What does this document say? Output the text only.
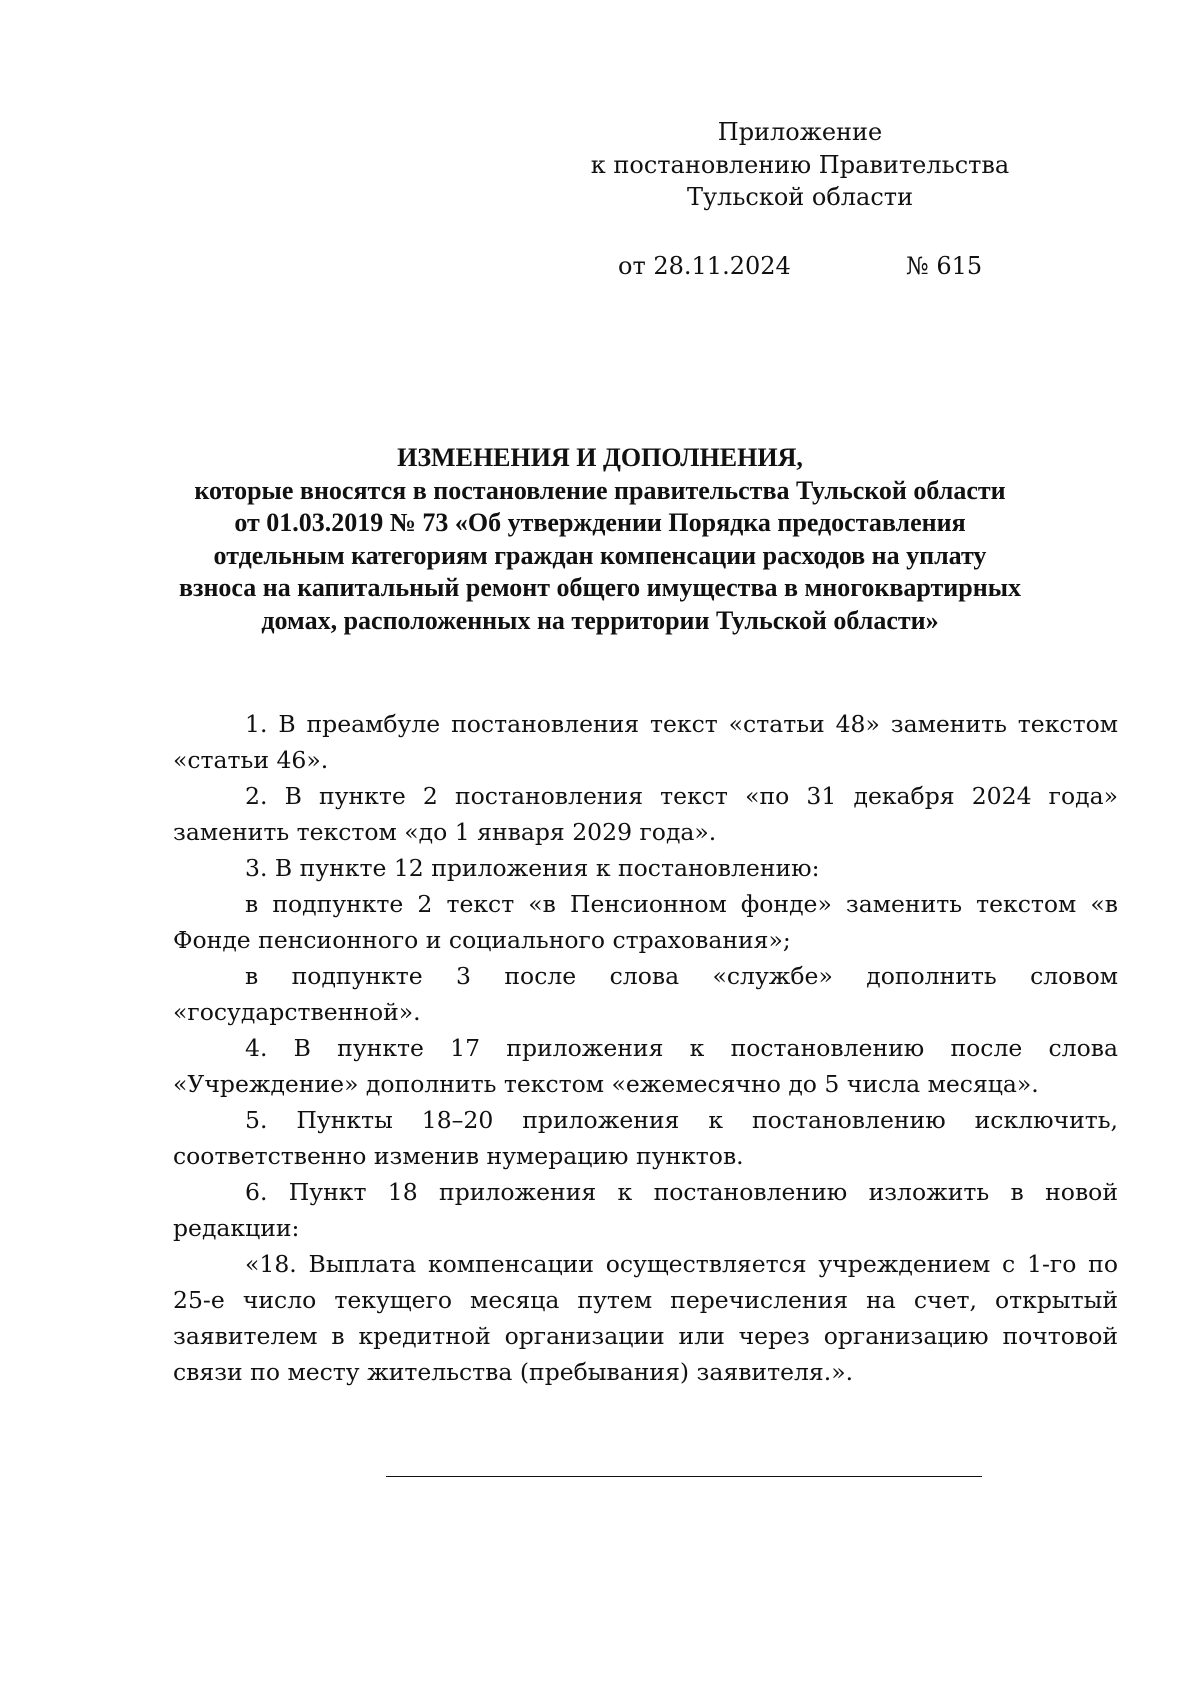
Приложение
к постановлению Правительства
Тульской области
от 28.11.2024	№ 615
ИЗМЕНЕНИЯ И ДОПОЛНЕНИЯ,
которые вносятся в постановление правительства Тульской области
от 01.03.2019 № 73 «Об утверждении Порядка предоставления
отдельным категориям граждан компенсации расходов на уплату
взноса на капитальный ремонт общего имущества в многоквартирных
домах, расположенных на территории Тульской области»

1. В преамбуле постановления текст «статьи 48» заменить текстом «статьи 46».

2. В пункте 2 постановления текст «по 31 декабря 2024 года» заменить текстом «до 1 января 2029 года».

3. В пункте 12 приложения к постановлению:

в подпункте 2 текст «в Пенсионном фонде» заменить текстом «в Фонде пенсионного и социального страхования»;

в подпункте 3 после слова «службе» дополнить словом «государственной».

4. В пункте 17 приложения к постановлению после слова «Учреждение» дополнить текстом «ежемесячно до 5 числа месяца».

5. Пункты 18–20 приложения к постановлению исключить, соответственно изменив нумерацию пунктов.

6. Пункт 18 приложения к постановлению изложить в новой редакции:

«18. Выплата компенсации осуществляется учреждением с 1-го по 25-е число текущего месяца путем перечисления на счет, открытый заявителем в кредитной организации или через организацию почтовой связи по месту жительства (пребывания) заявителя.».
